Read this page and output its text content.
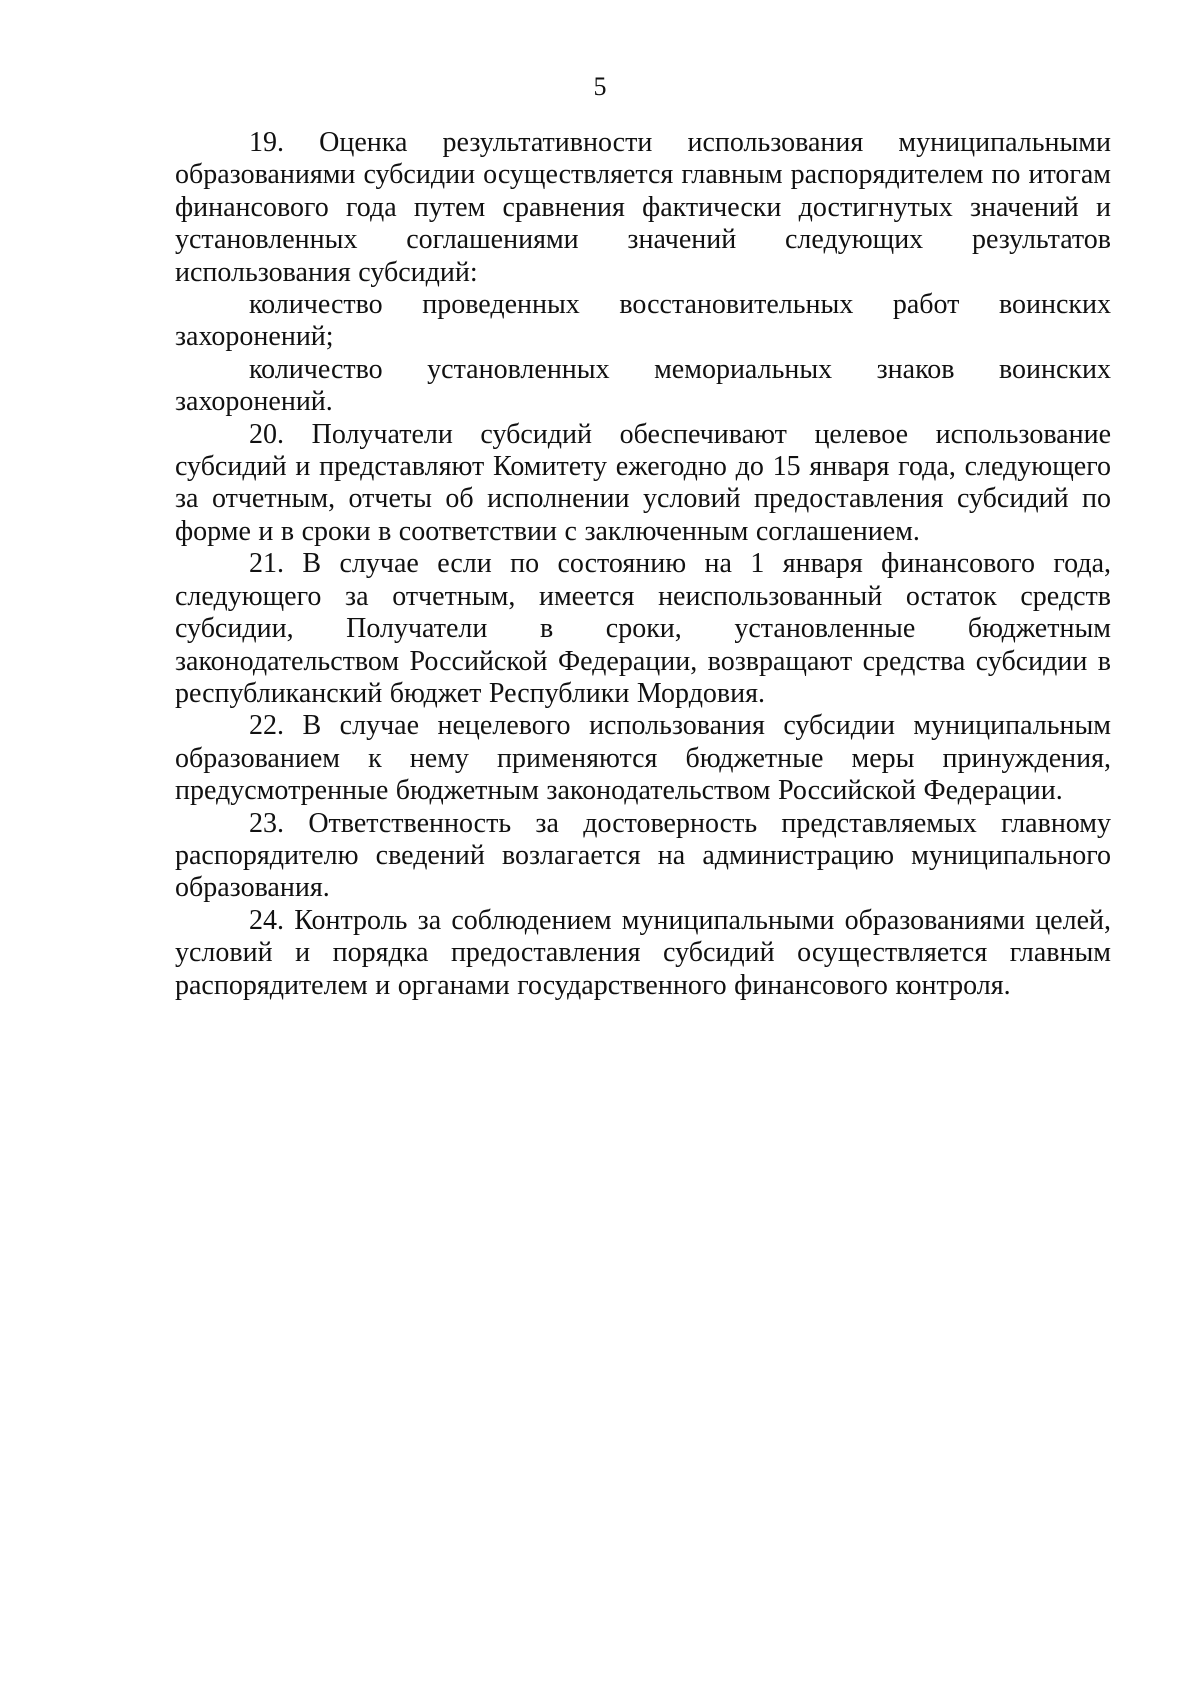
5

19. Оценка результативности использования муниципальными образованиями субсидии осуществляется главным распорядителем по итогам финансового года путем сравнения фактически достигнутых значений и установленных соглашениями значений следующих результатов использования субсидий:

количество проведенных восстановительных работ воинских захоронений;

количество установленных мемориальных знаков воинских захоронений.

20. Получатели субсидий обеспечивают целевое использование субсидий и представляют Комитету ежегодно до 15 января года, следующего за отчетным, отчеты об исполнении условий предоставления субсидий по форме и в сроки в соответствии с заключенным соглашением.

21. В случае если по состоянию на 1 января финансового года, следующего за отчетным, имеется неиспользованный остаток средств субсидии, Получатели в сроки, установленные бюджетным законодательством Российской Федерации, возвращают средства субсидии в республиканский бюджет Республики Мордовия.

22. В случае нецелевого использования субсидии муниципальным образованием к нему применяются бюджетные меры принуждения, предусмотренные бюджетным законодательством Российской Федерации.

23. Ответственность за достоверность представляемых главному распорядителю сведений возлагается на администрацию муниципального образования.

24. Контроль за соблюдением муниципальными образованиями целей, условий и порядка предоставления субсидий осуществляется главным распорядителем и органами государственного финансового контроля.
